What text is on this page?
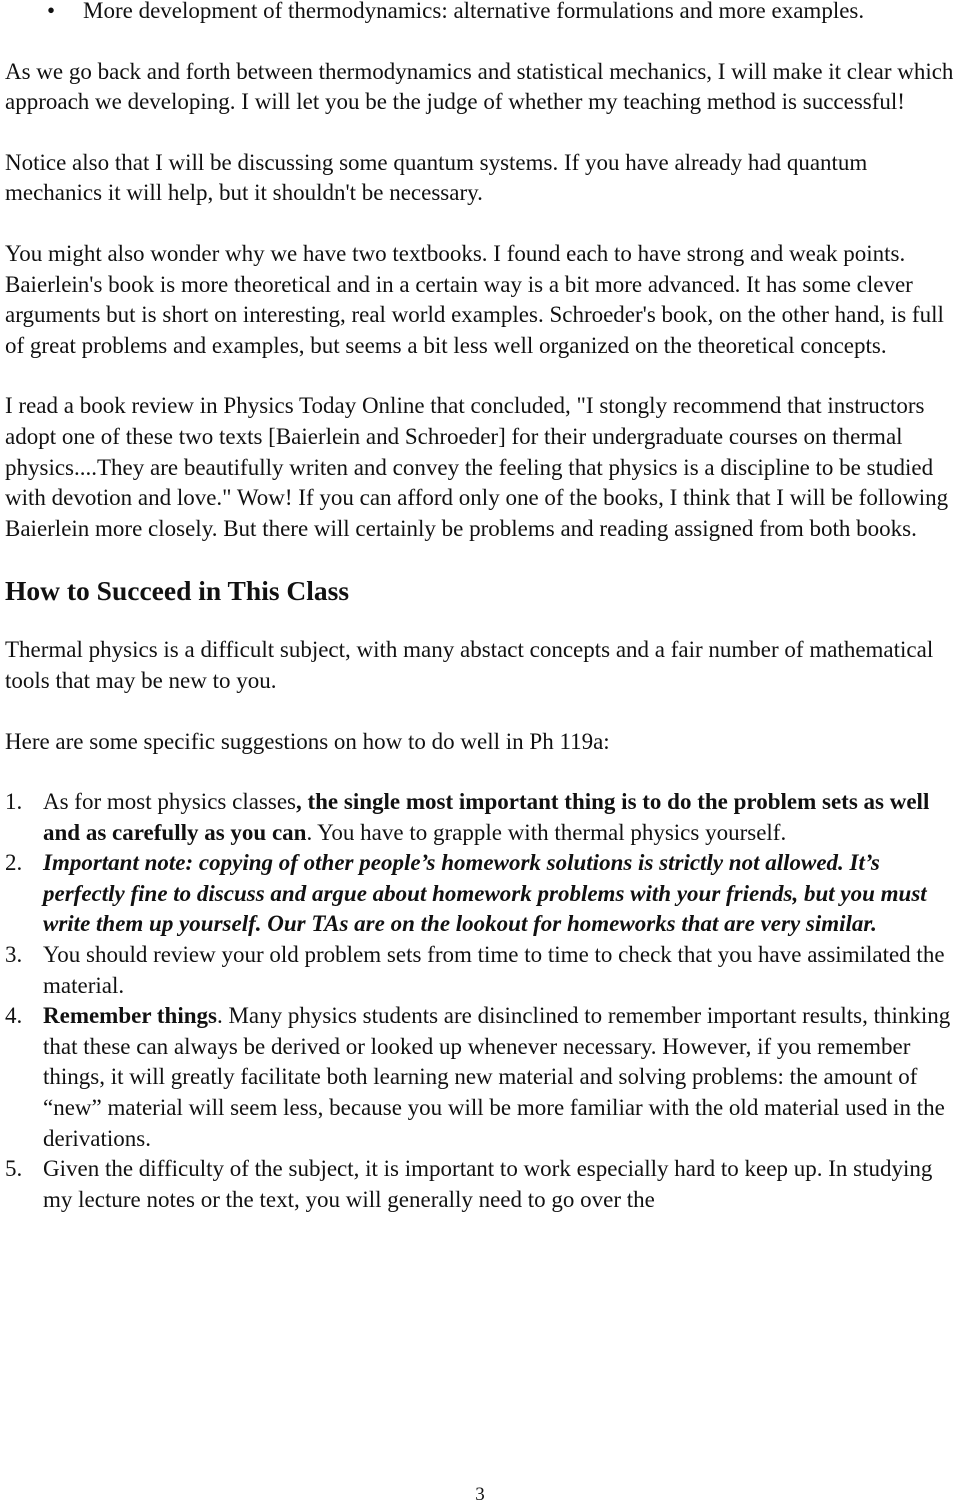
• More development of thermodynamics: alternative formulations and more examples.

As we go back and forth between thermodynamics and statistical mechanics, I will make it clear which approach we developing. I will let you be the judge of whether my teaching method is successful!

Notice also that I will be discussing some quantum systems. If you have already had quantum mechanics it will help, but it shouldn't be necessary.

You might also wonder why we have two textbooks. I found each to have strong and weak points. Baierlein's book is more theoretical and in a certain way is a bit more advanced. It has some clever arguments but is short on interesting, real world examples. Schroeder's book, on the other hand, is full of great problems and examples, but seems a bit less well organized on the theoretical concepts.

I read a book review in Physics Today Online that concluded, "I stongly recommend that instructors adopt one of these two texts [Baierlein and Schroeder] for their undergraduate courses on thermal physics....They are beautifully writen and convey the feeling that physics is a discipline to be studied with devotion and love." Wow! If you can afford only one of the books, I think that I will be following Baierlein more closely. But there will certainly be problems and reading assigned from both books.

How to Succeed in This Class

Thermal physics is a difficult subject, with many abstact concepts and a fair number of mathematical tools that may be new to you.

Here are some specific suggestions on how to do well in Ph 119a:

1. As for most physics classes, the single most important thing is to do the problem sets as well and as carefully as you can. You have to grapple with thermal physics yourself.
2. Important note: copying of other people’s homework solutions is strictly not allowed. It’s perfectly fine to discuss and argue about homework problems with your friends, but you must write them up yourself. Our TAs are on the lookout for homeworks that are very similar.
3. You should review your old problem sets from time to time to check that you have assimilated the material.
4. Remember things. Many physics students are disinclined to remember important results, thinking that these can always be derived or looked up whenever necessary. However, if you remember things, it will greatly facilitate both learning new material and solving problems: the amount of “new” material will seem less, because you will be more familiar with the old material used in the derivations.
5. Given the difficulty of the subject, it is important to work especially hard to keep up. In studying my lecture notes or the text, you will generally need to go over the
3
